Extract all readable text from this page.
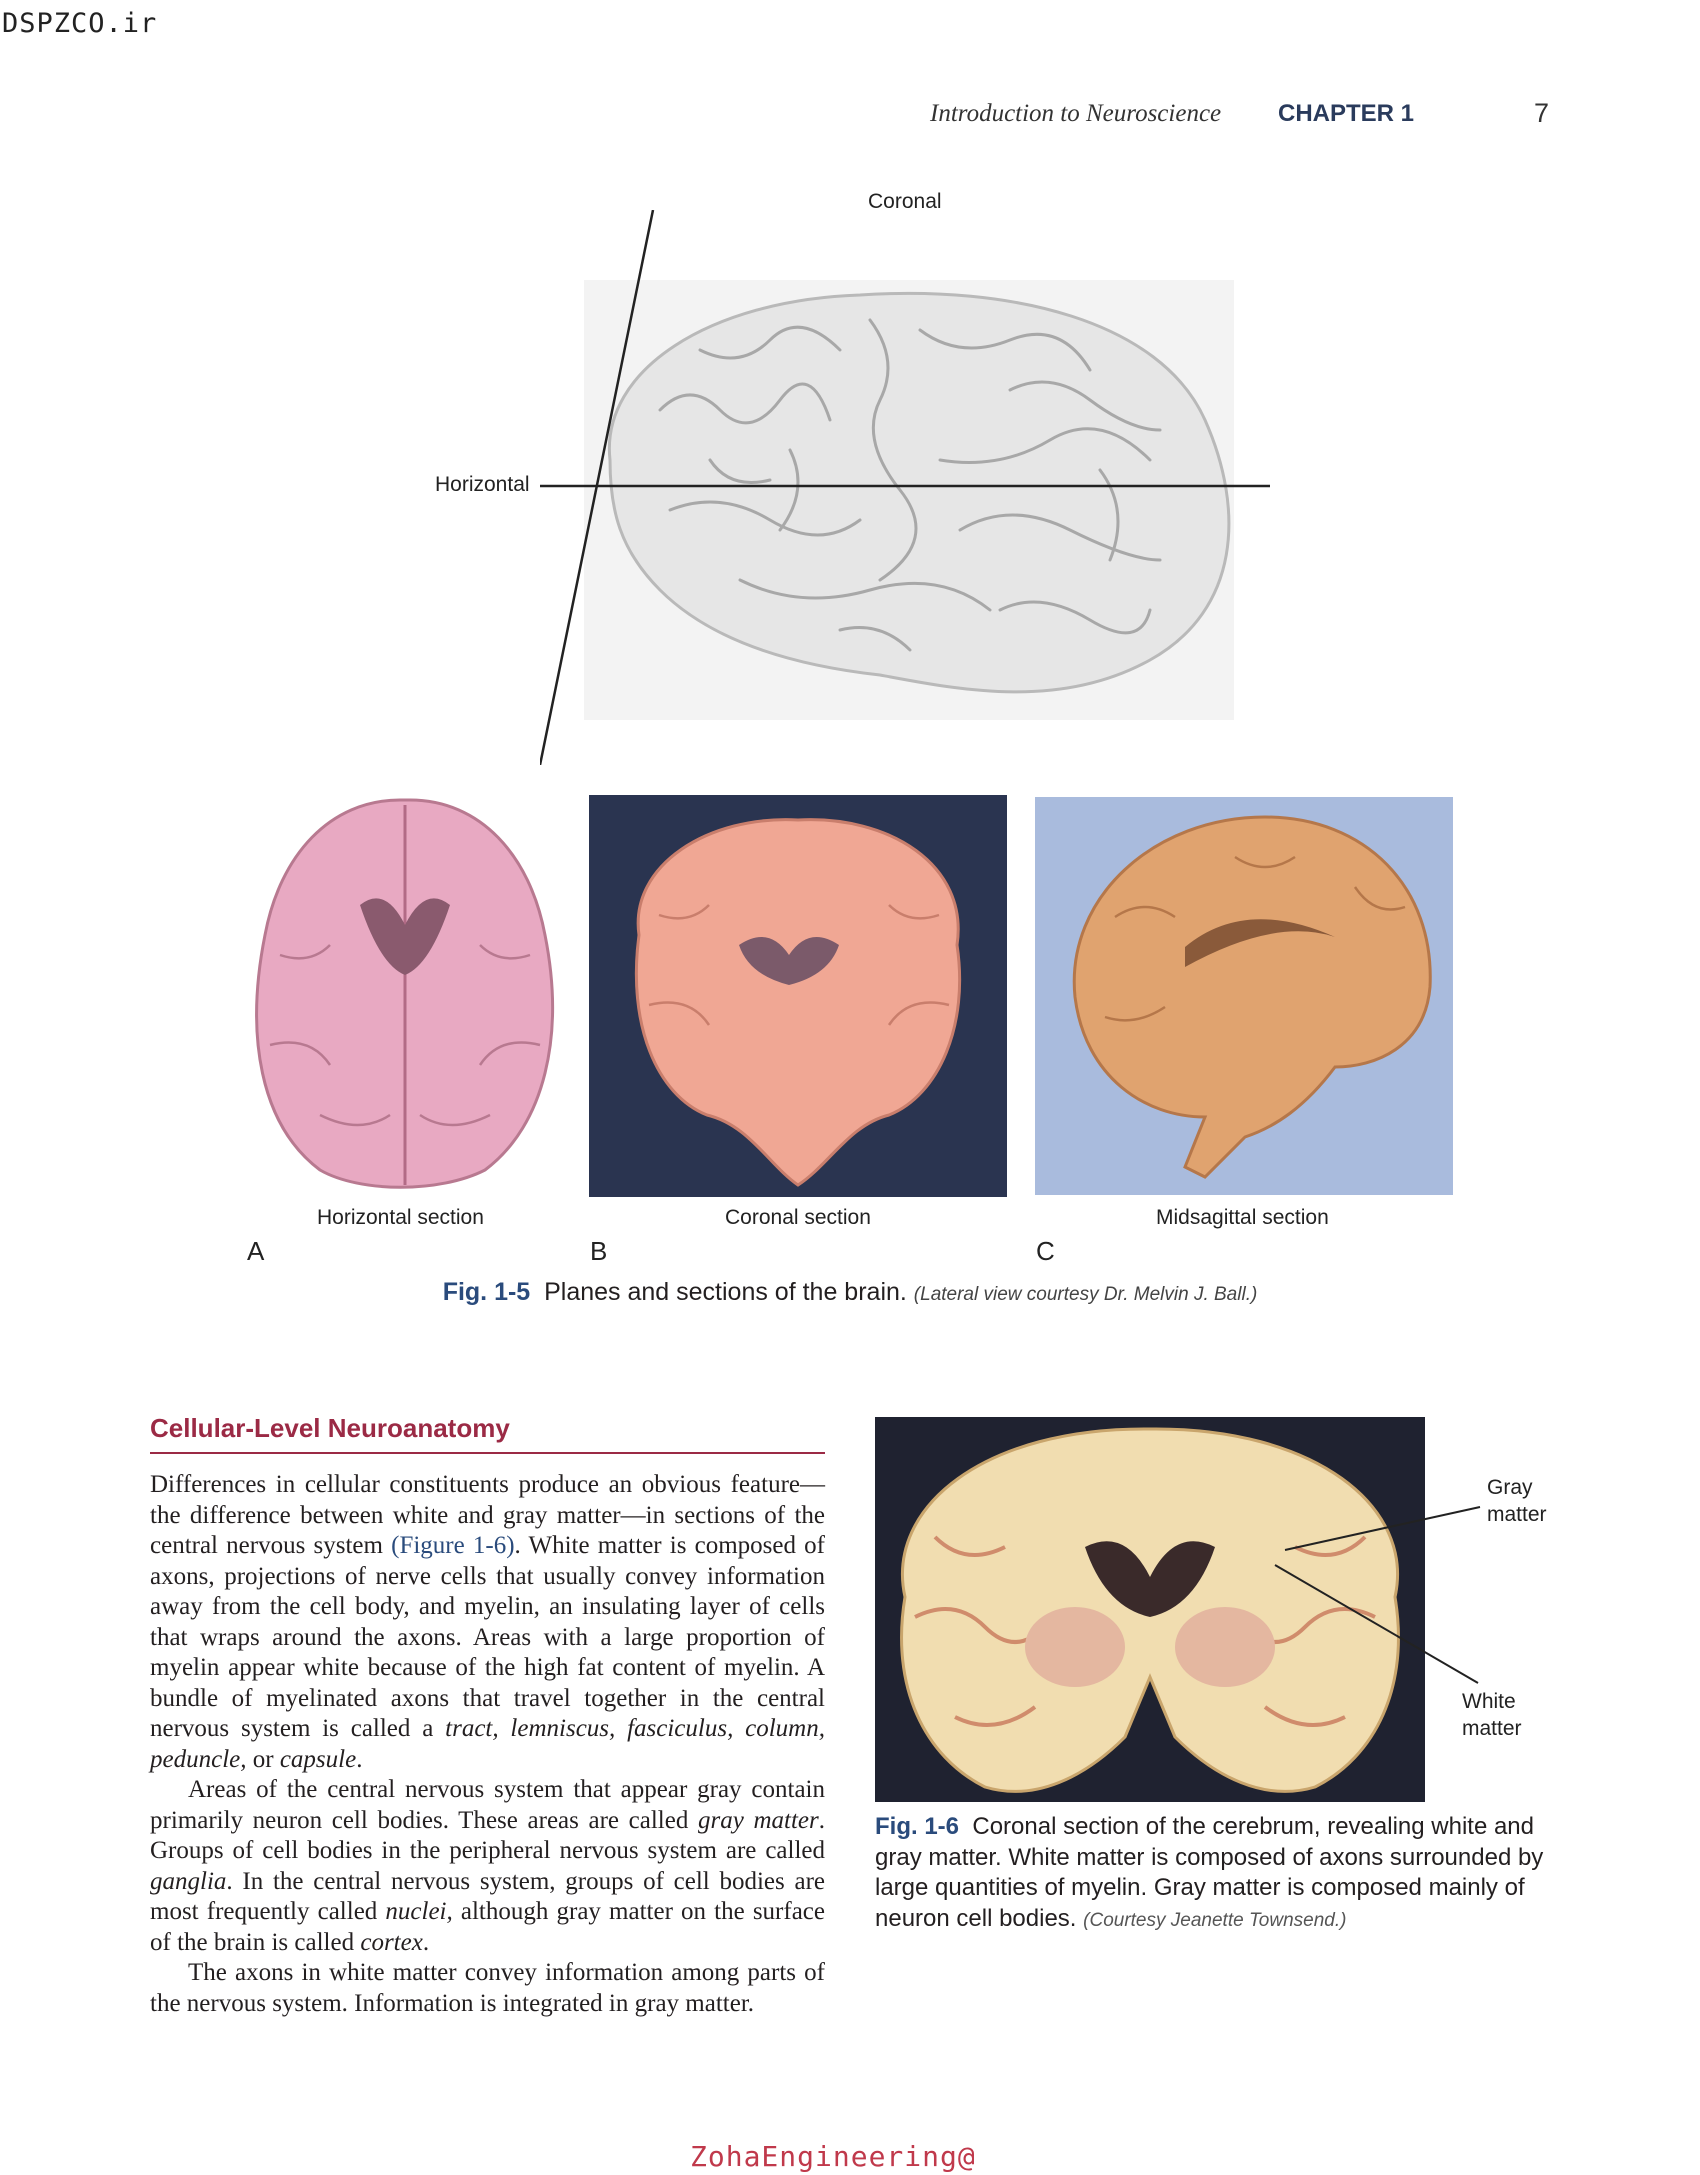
DSPZCO.ir
Introduction to Neuroscience CHAPTER 1	7
Coronal
Horizontal
Horizontal section	Coronal section	Midsagittal section
A	B	C
Fig. 1-5 Planes and sections of the brain. (Lateral view courtesy Dr. Melvin J. Ball.)
Cellular-Level Neuroanatomy

Differences in cellular constituents produce an obvious feature—the difference between white and gray matter—in sections of the central nervous system (Figure 1-6). White matter is composed of axons, projections of nerve cells that usually convey information away from the cell body, and myelin, an insulating layer of cells that wraps around the axons. Areas with a large proportion of myelin appear white because of the high fat content of myelin. A bundle of myelinated axons that travel together in the central nervous system is called a tract, lemniscus, fasciculus, column, peduncle, or capsule.

Areas of the central nervous system that appear gray contain primarily neuron cell bodies. These areas are called gray matter. Groups of cell bodies in the peripheral nervous system are called ganglia. In the central nervous system, groups of cell bodies are most frequently called nuclei, although gray matter on the surface of the brain is called cortex.

The axons in white matter convey information among parts of the nervous system. Information is integrated in gray matter.

Gray
matter
White
matter
Fig. 1-6 Coronal section of the cerebrum, revealing white and gray matter. White matter is composed of axons surrounded by large quantities of myelin. Gray matter is composed mainly of neuron cell bodies. (Courtesy Jeanette Townsend.)
ZohaEngineering@
